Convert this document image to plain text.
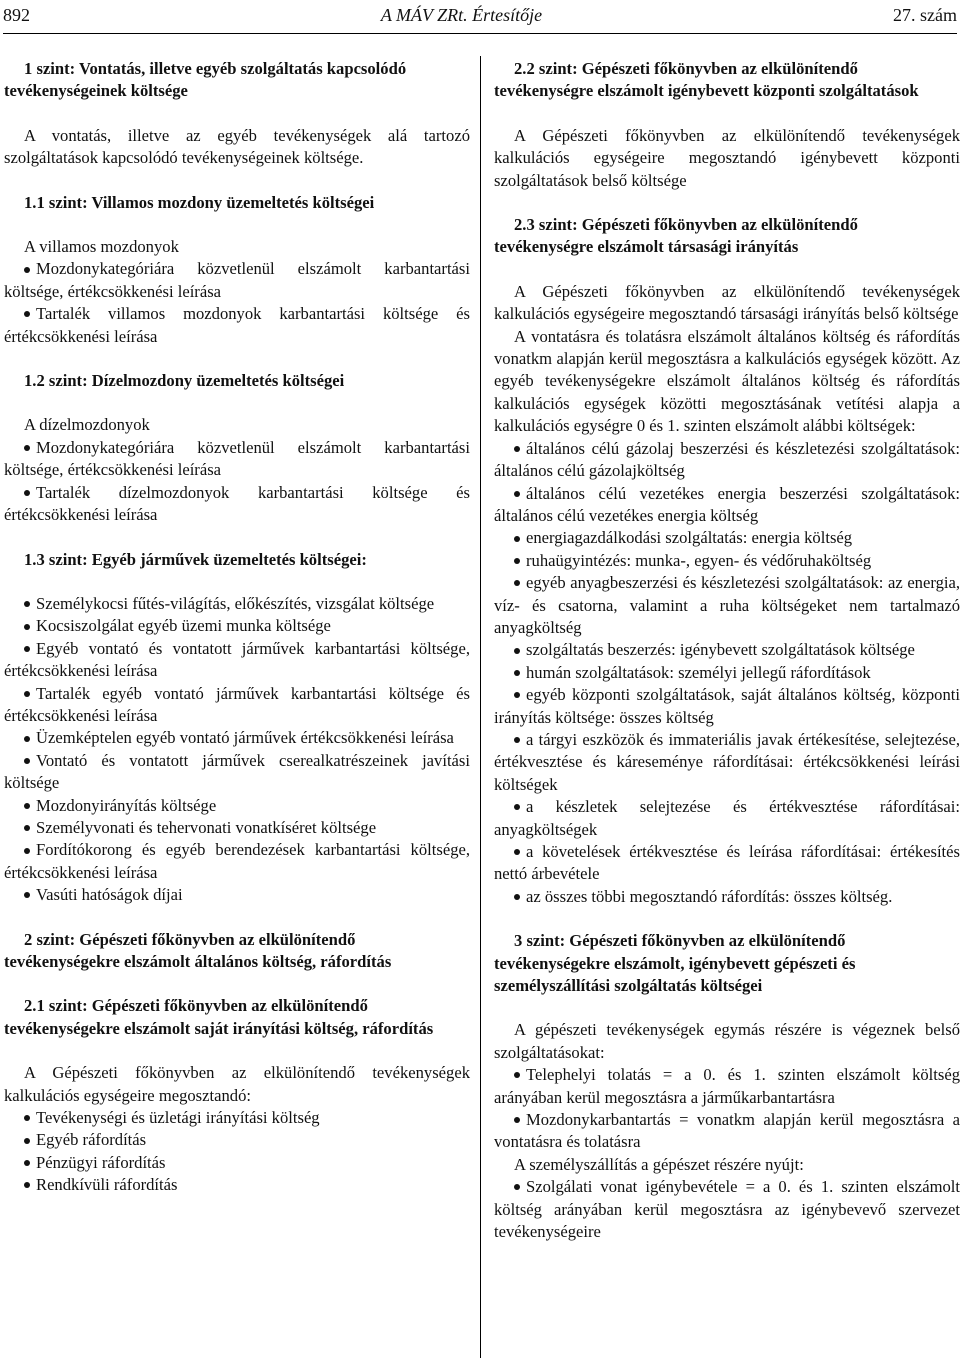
892	A MÁV ZRt. Értesítője	27. szám

1 szint: Vontatás, illetve egyéb szolgáltatás kapcsolódó tevékenységeinek költsége

A vontatás, illetve az egyéb tevékenységek alá tartozó szolgáltatások kapcsolódó tevékenységeinek költsége.

1.1 szint: Villamos mozdony üzemeltetés költségei

A villamos mozdonyok

Mozdonykategóriára közvetlenül elszámolt karbantartási költsége, értékcsökkenési leírása

Tartalék villamos mozdonyok karbantartási költsége és értékcsökkenési leírása

1.2 szint: Dízelmozdony üzemeltetés költségei

A dízelmozdonyok

Mozdonykategóriára közvetlenül elszámolt karbantartási költsége, értékcsökkenési leírása

Tartalék dízelmozdonyok karbantartási költsége és értékcsökkenési leírása

1.3 szint: Egyéb járművek üzemeltetés költségei:

Személykocsi fűtés-világítás, előkészítés, vizsgálat költsége

Kocsiszolgálat egyéb üzemi munka költsége

Egyéb vontató és vontatott járművek karbantartási költsége, értékcsökkenési leírása

Tartalék egyéb vontató járművek karbantartási költsége és értékcsökkenési leírása

Üzemképtelen egyéb vontató járművek értékcsökkenési leírása

Vontató és vontatott járművek cserealkatrészeinek javítási költsége

Mozdonyirányítás költsége

Személyvonati és tehervonati vonatkíséret költsége

Fordítókorong és egyéb berendezések karbantartási költsége, értékcsökkenési leírása

Vasúti hatóságok díjai

2 szint: Gépészeti főkönyvben az elkülönítendő tevékenységekre elszámolt általános költség, ráfordítás

2.1 szint: Gépészeti főkönyvben az elkülönítendő tevékenységekre elszámolt saját irányítási költség, ráfordítás

A Gépészeti főkönyvben az elkülönítendő tevékenységek kalkulációs egységeire megosztandó:

Tevékenységi és üzletági irányítási költség

Egyéb ráfordítás

Pénzügyi ráfordítás

Rendkívüli ráfordítás

2.2 szint: Gépészeti főkönyvben az elkülönítendő tevékenységre elszámolt igénybevett központi szolgáltatások

A Gépészeti főkönyvben az elkülönítendő tevékenységek kalkulációs egységeire megosztandó igénybevett központi szolgáltatások belső költsége

2.3 szint: Gépészeti főkönyvben az elkülönítendő tevékenységre elszámolt társasági irányítás

A Gépészeti főkönyvben az elkülönítendő tevékenységek kalkulációs egységeire megosztandó társasági irányítás belső költsége

A vontatásra és tolatásra elszámolt általános költség és ráfordítás vonatkm alapján kerül megosztásra a kalkulációs egységek között. Az egyéb tevékenységekre elszámolt általános költség és ráfordítás kalkulációs egységek közötti megosztásának vetítési alapja a kalkulációs egységre 0 és 1. szinten elszámolt alábbi költségek:

általános célú gázolaj beszerzési és készletezési szolgáltatások: általános célú gázolajköltség

általános célú vezetékes energia beszerzési szolgáltatások: általános célú vezetékes energia költség

energiagazdálkodási szolgáltatás: energia költség

ruhaügyintézés: munka-, egyen- és védőruhaköltség

egyéb anyagbeszerzési és készletezési szolgáltatások: az energia, víz- és csatorna, valamint a ruha költségeket nem tartalmazó anyagköltség

szolgáltatás beszerzés: igénybevett szolgáltatások költsége

humán szolgáltatások: személyi jellegű ráfordítások

egyéb központi szolgáltatások, saját általános költség, központi irányítás költsége: összes költség

a tárgyi eszközök és immateriális javak értékesítése, selejtezése, értékvesztése és káreseménye ráfordításai: értékcsökkenési leírási költségek

a készletek selejtezése és értékvesztése ráfordításai: anyagköltségek

a követelések értékvesztése és leírása ráfordításai: értékesítés nettó árbevétele

az összes többi megosztandó ráfordítás: összes költség.

3 szint: Gépészeti főkönyvben az elkülönítendő tevékenységekre elszámolt, igénybevett gépészeti és személyszállítási szolgáltatás költségei

A gépészeti tevékenységek egymás részére is végeznek belső szolgáltatásokat:

Telephelyi tolatás = a 0. és 1. szinten elszámolt költség arányában kerül megosztásra a járműkarbantartásra

Mozdonykarbantartás = vonatkm alapján kerül megosztásra a vontatásra és tolatásra

A személyszállítás a gépészet részére nyújt:

Szolgálati vonat igénybevétele = a 0. és 1. szinten elszámolt költség arányában kerül megosztásra az igénybevevő szervezet tevékenységeire
